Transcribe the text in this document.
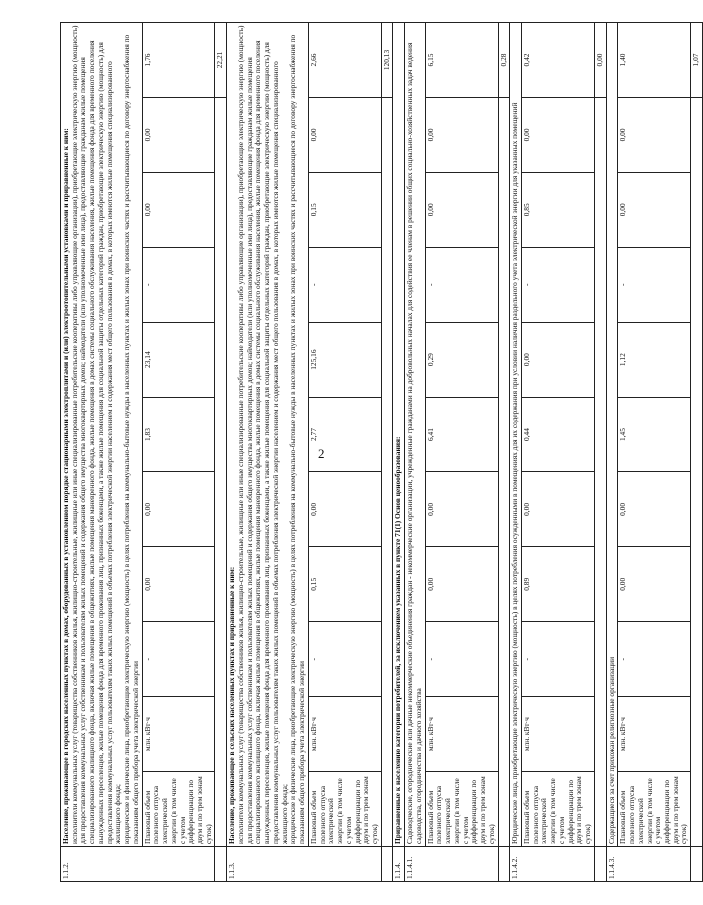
2
1.1.2.	Население, проживающее в городских населенных пунктах в домах, оборудованных в установленном порядке стационарными электроплитами и (или) электроотопительными установками и приравненные к ним: исполнители коммунальных услуг (товарищества собственников жилья, жилищно-строительные, жилищные или иные специализированные потребительские кооперативы либо управляющие организации), приобретающие электрическую энергию (мощность) для предоставления коммунальных услуг собственникам и пользователям жилых помещений и содержания общего имущества многоквартирных домов; наймодатели (или уполномоченные ими лица), предоставляющие гражданам жилые помещения специализированного жилищного фонда, включая жилые помещения в общежитиях, жилые помещения маневренного фонда, жилые помещения в домах системы социального обслуживания населения, жилые помещения фонда для временного поселения вынужденных переселенцев, жилые помещения фонда для временного проживания лиц, признанных беженцами, а также жилые помещения для социальной защиты отдельных категорий граждан, приобретающие электрическую энергию (мощность) для предоставления коммунальных услуг пользователям таких жилых помещений в объемах потребления электрической энергии населением и содержания мест общего пользования в домах, в которых имеются жилые помещения специализированного жилищного фонда; юридические и физические лица, приобретающие электрическую энергию (мощность) в целях потребления на коммунально-бытовые нужды в населенных пунктах и жилых зонах при воинских частях и рассчитывающиеся по договору энергоснабжения по показаниям общего прибора учета электрической энергии										

	Плановый объем полезного отпуска электрической энергии (в том числе с учетом дифференциации по двум и по трем зонам суток)	млн. кВт·ч	-	0,00	0,00	1,83	23,14	-	0,00	0,00	1,76
											22,21
1.1.3.	Население, проживающее в сельских населенных пунктах и приравненные к ним: исполнители коммунальных услуг (товарищества собственников жилья, жилищно-строительные, жилищные или иные специализированные потребительские кооперативы либо управляющие организации), приобретающие электрическую энергию (мощность) для предоставления коммунальных услуг собственникам и пользователям жилых помещений и содержания общего имущества многоквартирных домов; наймодатели (или уполномоченные ими лица), предоставляющие гражданам жилые помещения специализированного жилищного фонда, включая жилые помещения в общежитиях, жилые помещения маневренного фонда, жилые помещения в домах системы социального обслуживания населения, жилые помещения фонда для временного поселения вынужденных переселенцев, жилые помещения фонда для временного проживания лиц, признанных беженцами, а также жилые помещения для социальной защиты отдельных категорий граждан, приобретающие электрическую энергию (мощность) для предоставления коммунальных услуг пользователям таких жилых помещений в объемах потребления электрической энергии населением и содержания мест общего пользования в домах, в которых имеются жилые помещения специализированного жилищного фонда; юридические и физические лица, приобретающие электрическую энергию (мощность) в целях потребления на коммунально-бытовые нужды в населенных пунктах и жилых зонах при воинских частях и рассчитывающиеся по договору энергоснабжения по показаниям общего прибора учета электрической энергии										

	Плановый объем полезного отпуска электрической энергии (в том числе с учетом дифференциации по двум и по трем зонам суток)	млн. кВт·ч	-	0,15	0,00	2,77	125,16	-	0,15	0,00	2,66
											120,13
1.1.4.	Приравненные к населению категории потребителей, за исключением указанных в пункте 71(1) Основ ценообразования:										
1.1.4.1.	Садоводческие, огороднические или дачные некоммерческие объединения граждан - некоммерческие организации, учрежденные гражданами на добровольных началах для содействия ее членам в решении общих социально-хозяйственных задач ведения садоводства, огородничества и дачного хозяйства										
	Плановый объем полезного отпуска электрической энергии (в том числе с учетом дифференциации по двум и по трем зонам суток)	млн. кВт·ч	-	0,00	0,00	6,41	0,29	-	0,00	0,00	6,15
											0,28
1.1.4.2.	Юридические лица, приобретающие электрическую энергию (мощность) в целях потребления осужденными в помещениях для их содержания при условии наличия раздельного учета электрической энергии для указанных помещений										
	Плановый объем полезного отпуска электрической энергии (в том числе с учетом дифференциации по двум и по трем зонам суток)	млн. кВт·ч	-	0,89	0,00	0,44	0,00	-	0,85	0,00	0,42
											0,00
1.1.4.3.	Содержащиеся за счет прихожан религиозные организации										
	Плановый объем полезного отпуска электрической энергии (в том числе с учетом дифференциации по двум и по трем зонам суток)	млн. кВт·ч	-	0,00	0,00	1,45	1,12	-	0,00	0,00	1,40
											1,07
